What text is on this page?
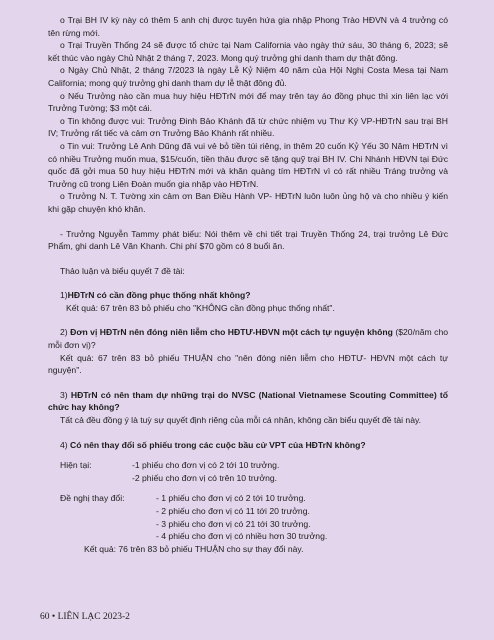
o Trại BH IV kỳ này có thêm 5 anh chị được tuyên hứa gia nhập Phong Trào HĐVN và 4 trưởng có tên rừng mới.

o Trại Truyền Thống 24 sẽ được tổ chức tại Nam California vào ngày thứ sáu, 30 tháng 6, 2023; sẽ kết thúc vào ngày Chủ Nhật 2 tháng 7, 2023. Mong quý trưởng ghi danh tham dự thật đông.

o Ngày Chủ Nhật, 2 tháng 7/2023 là ngày Lễ Kỷ Niệm 40 năm của Hội Nghị Costa Mesa tại Nam California; mong quý trưởng ghi danh tham dự lễ thật đông đủ.

o Nếu Trưởng nào cần mua huy hiệu HĐTrN mới để may trên tay áo đồng phục thì xin liên lạc với Trưởng Tường; $3 một cái.

o Tin không được vui: Trưởng Đinh Bảo Khánh đã từ chức nhiệm vụ Thư Ký VP-HĐTrN sau trại BH IV; Trưởng rất tiếc và cảm ơn Trưởng Bảo Khánh rất nhiều.

o Tin vui: Trưởng Lê Anh Dũng đã vui vẻ bỏ tiền túi riêng, in thêm 20 cuốn Kỷ Yếu 30 Năm HĐTrN vì có nhiều Trưởng muốn mua, $15/cuốn, tiền thâu được sẽ tặng quỹ trại BH IV. Chi Nhánh HĐVN tại Đức quốc đã gởi mua 50 huy hiệu HĐTrN mới và khăn quàng tím HĐTrN vì có rất nhiều Tráng trưởng và Trưởng cũ trong Liên Đoàn muốn gia nhập vào HĐTrN.

o Trưởng N. T. Tường xin cảm ơn Ban Điều Hành VP- HĐTrN luôn luôn ủng hộ và cho nhiều ý kiến khi gặp chuyện khó khăn.

- Trưởng Nguyễn Tammy phát biểu: Nói thêm về chi tiết trại Truyền Thống 24, trại trưởng Lê Đức Phẩm, ghi danh Lê Văn Khanh. Chi phí $70 gồm có 8 buổi ăn.

Thảo luận và biểu quyết 7 đề tài:

1)HĐTrN có cần đồng phục thống nhất không?

Kết quả: 67 trên 83 bỏ phiếu cho "KHÔNG cần đồng phục thống nhất".

2) Đơn vị HĐTrN nên đóng niên liễm cho HĐTƯ-HĐVN một cách tự nguyện không ($20/năm cho mỗi đơn vị)?

Kết quả: 67 trên 83 bỏ phiếu THUẬN cho "nên đóng niên liễm cho HĐTƯ- HĐVN một cách tự nguyện".

3) HĐTrN có nên tham dự những trại do NVSC (National Vietnamese Scouting Committee) tổ chức hay không?

Tất cả đều đồng ý là tuỳ sự quyết định riêng của mỗi cá nhân, không cần biểu quyết đề tài này.

4) Có nên thay đổi số phiếu trong các cuộc bầu cử VPT của HĐTrN không?

Hiện tại:	-1 phiếu cho đơn vị có 2 tới 10 trưởng.
-2 phiếu cho đơn vị có trên 10 trưởng.
Đề nghị thay đổi:	- 1 phiếu cho đơn vị có 2 tới 10 trưởng.
- 2 phiếu cho đơn vị có 11 tới 20 trưởng.
- 3 phiếu cho đơn vị có 21 tới 30 trưởng.
- 4 phiếu cho đơn vị có nhiều hơn 30 trưởng.

Kết quả: 76 trên 83 bỏ phiếu THUẬN cho sự thay đổi này.

60 • LIÊN LẠC 2023-2
